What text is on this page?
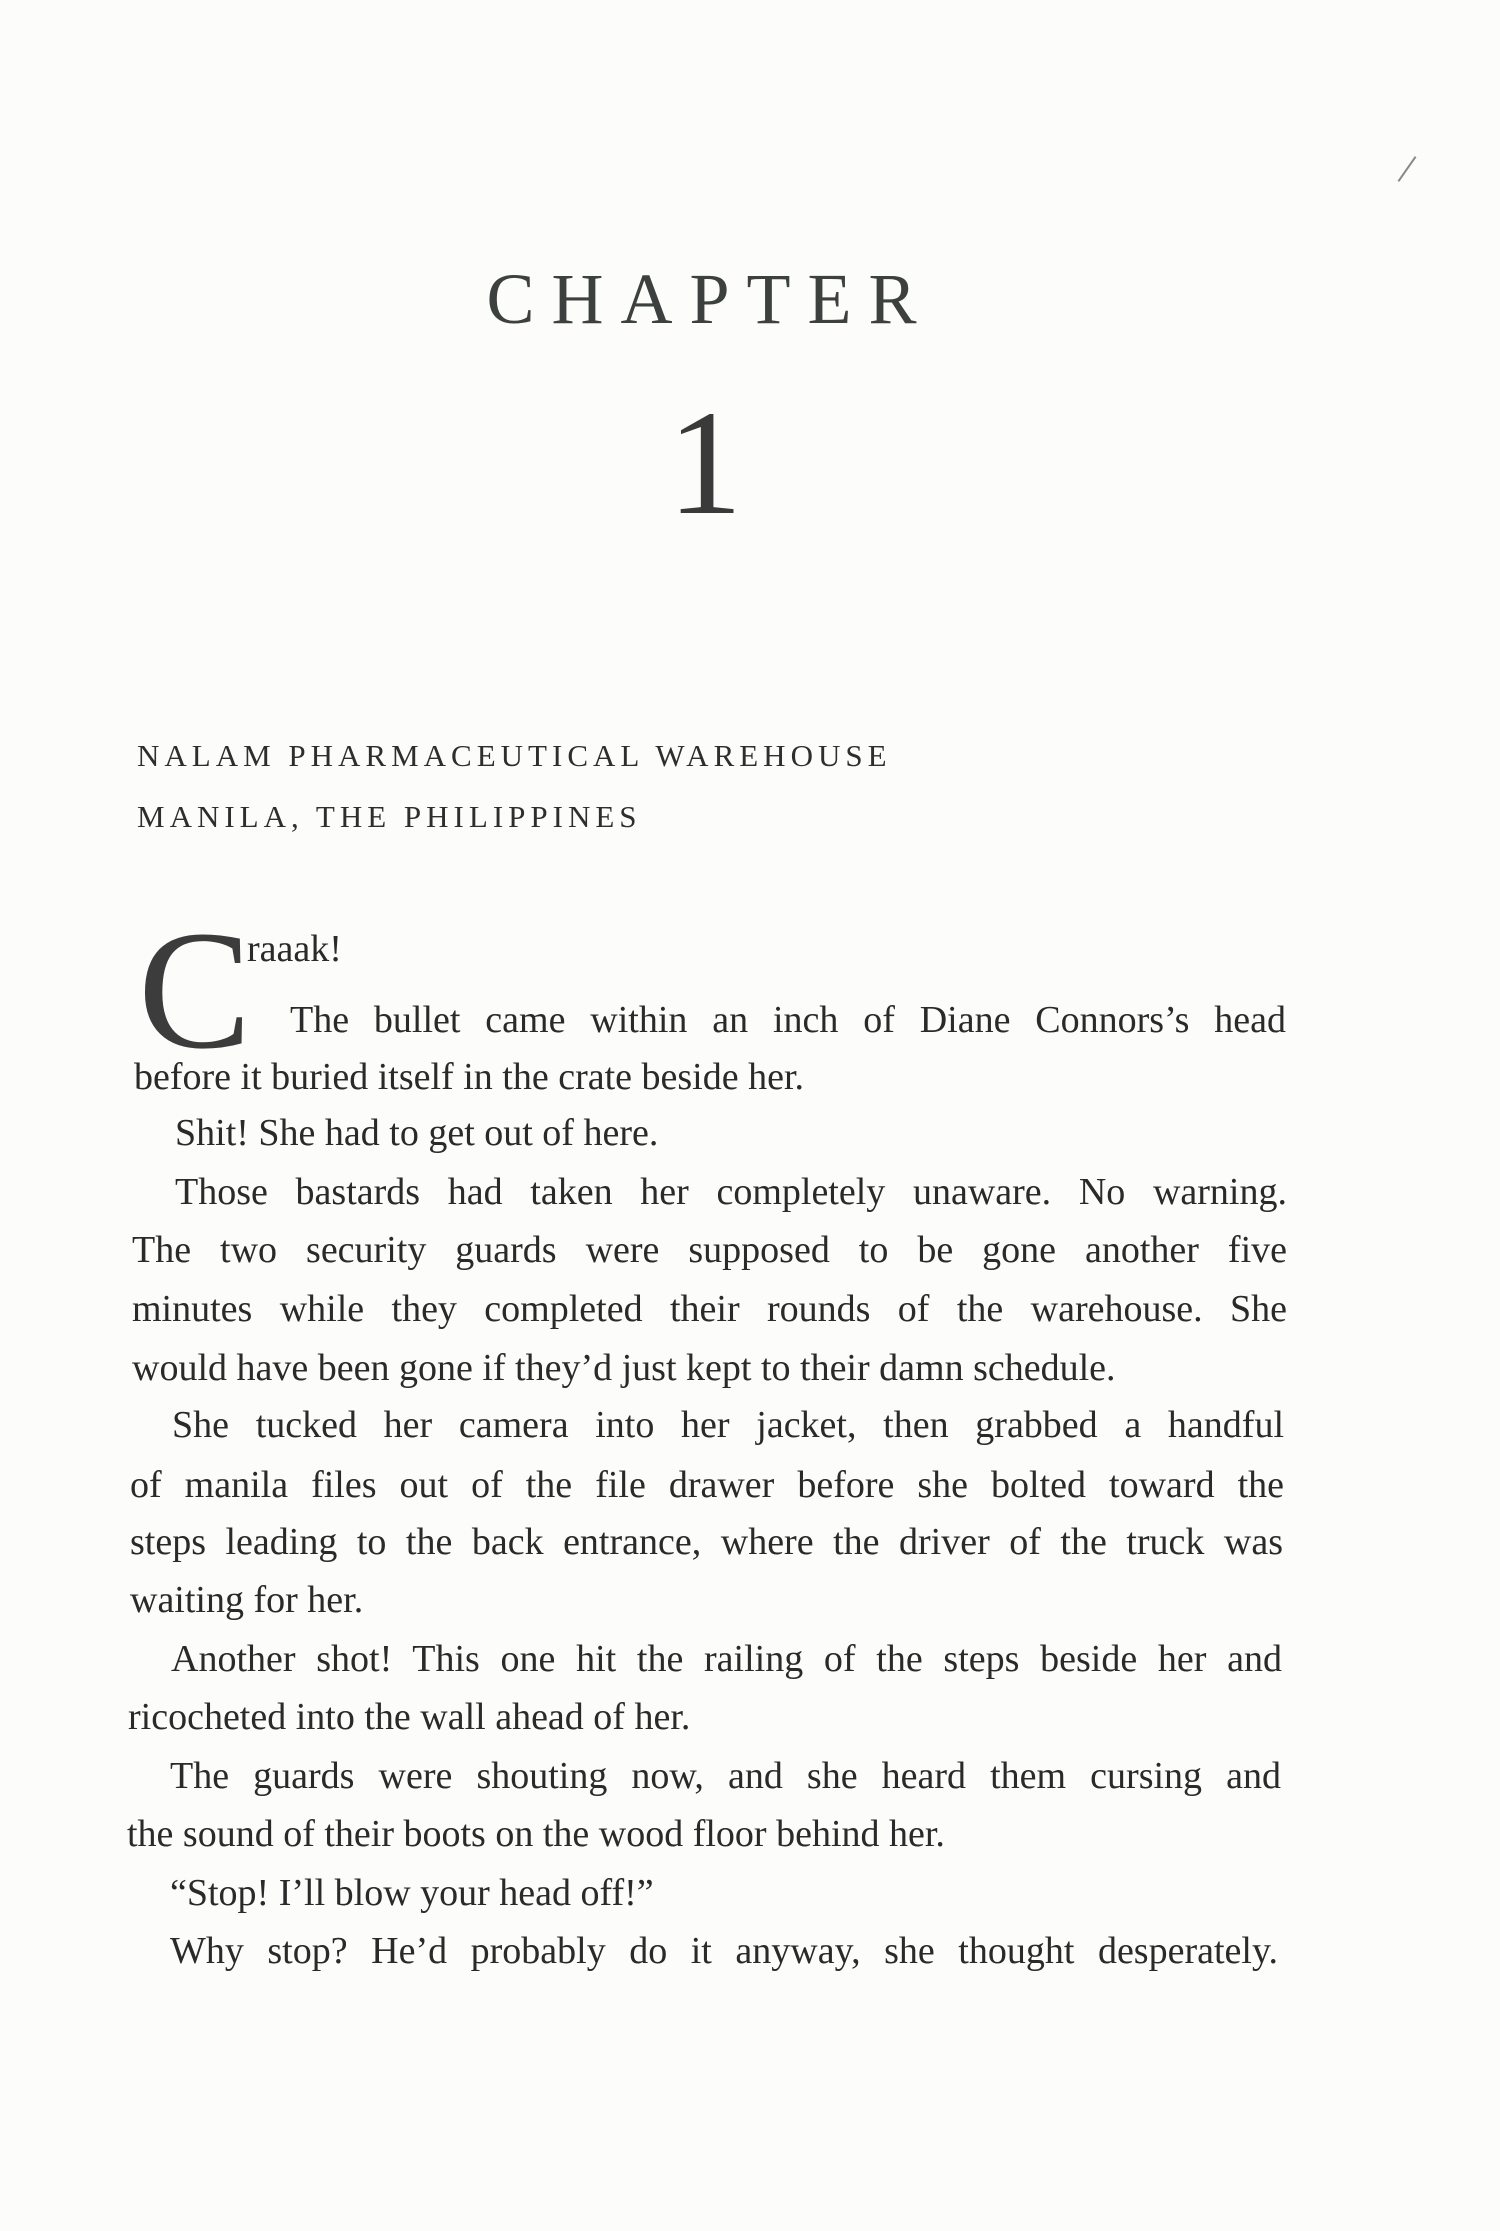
CHAPTER
1
NALAM PHARMACEUTICAL WAREHOUSE
MANILA, THE PHILIPPINES
C
raaak!
The bullet came within an inch of Diane Connors’s head
before it buried itself in the crate beside her.
Shit! She had to get out of here.
Those bastards had taken her completely unaware. No warning.
The two security guards were supposed to be gone another five
minutes while they completed their rounds of the warehouse. She
would have been gone if they’d just kept to their damn schedule.
She tucked her camera into her jacket, then grabbed a handful
of manila files out of the file drawer before she bolted toward the
steps leading to the back entrance, where the driver of the truck was
waiting for her.
Another shot! This one hit the railing of the steps beside her and
ricocheted into the wall ahead of her.
The guards were shouting now, and she heard them cursing and
the sound of their boots on the wood floor behind her.
“Stop! I’ll blow your head off!”
Why stop? He’d probably do it anyway, she thought desperately.
